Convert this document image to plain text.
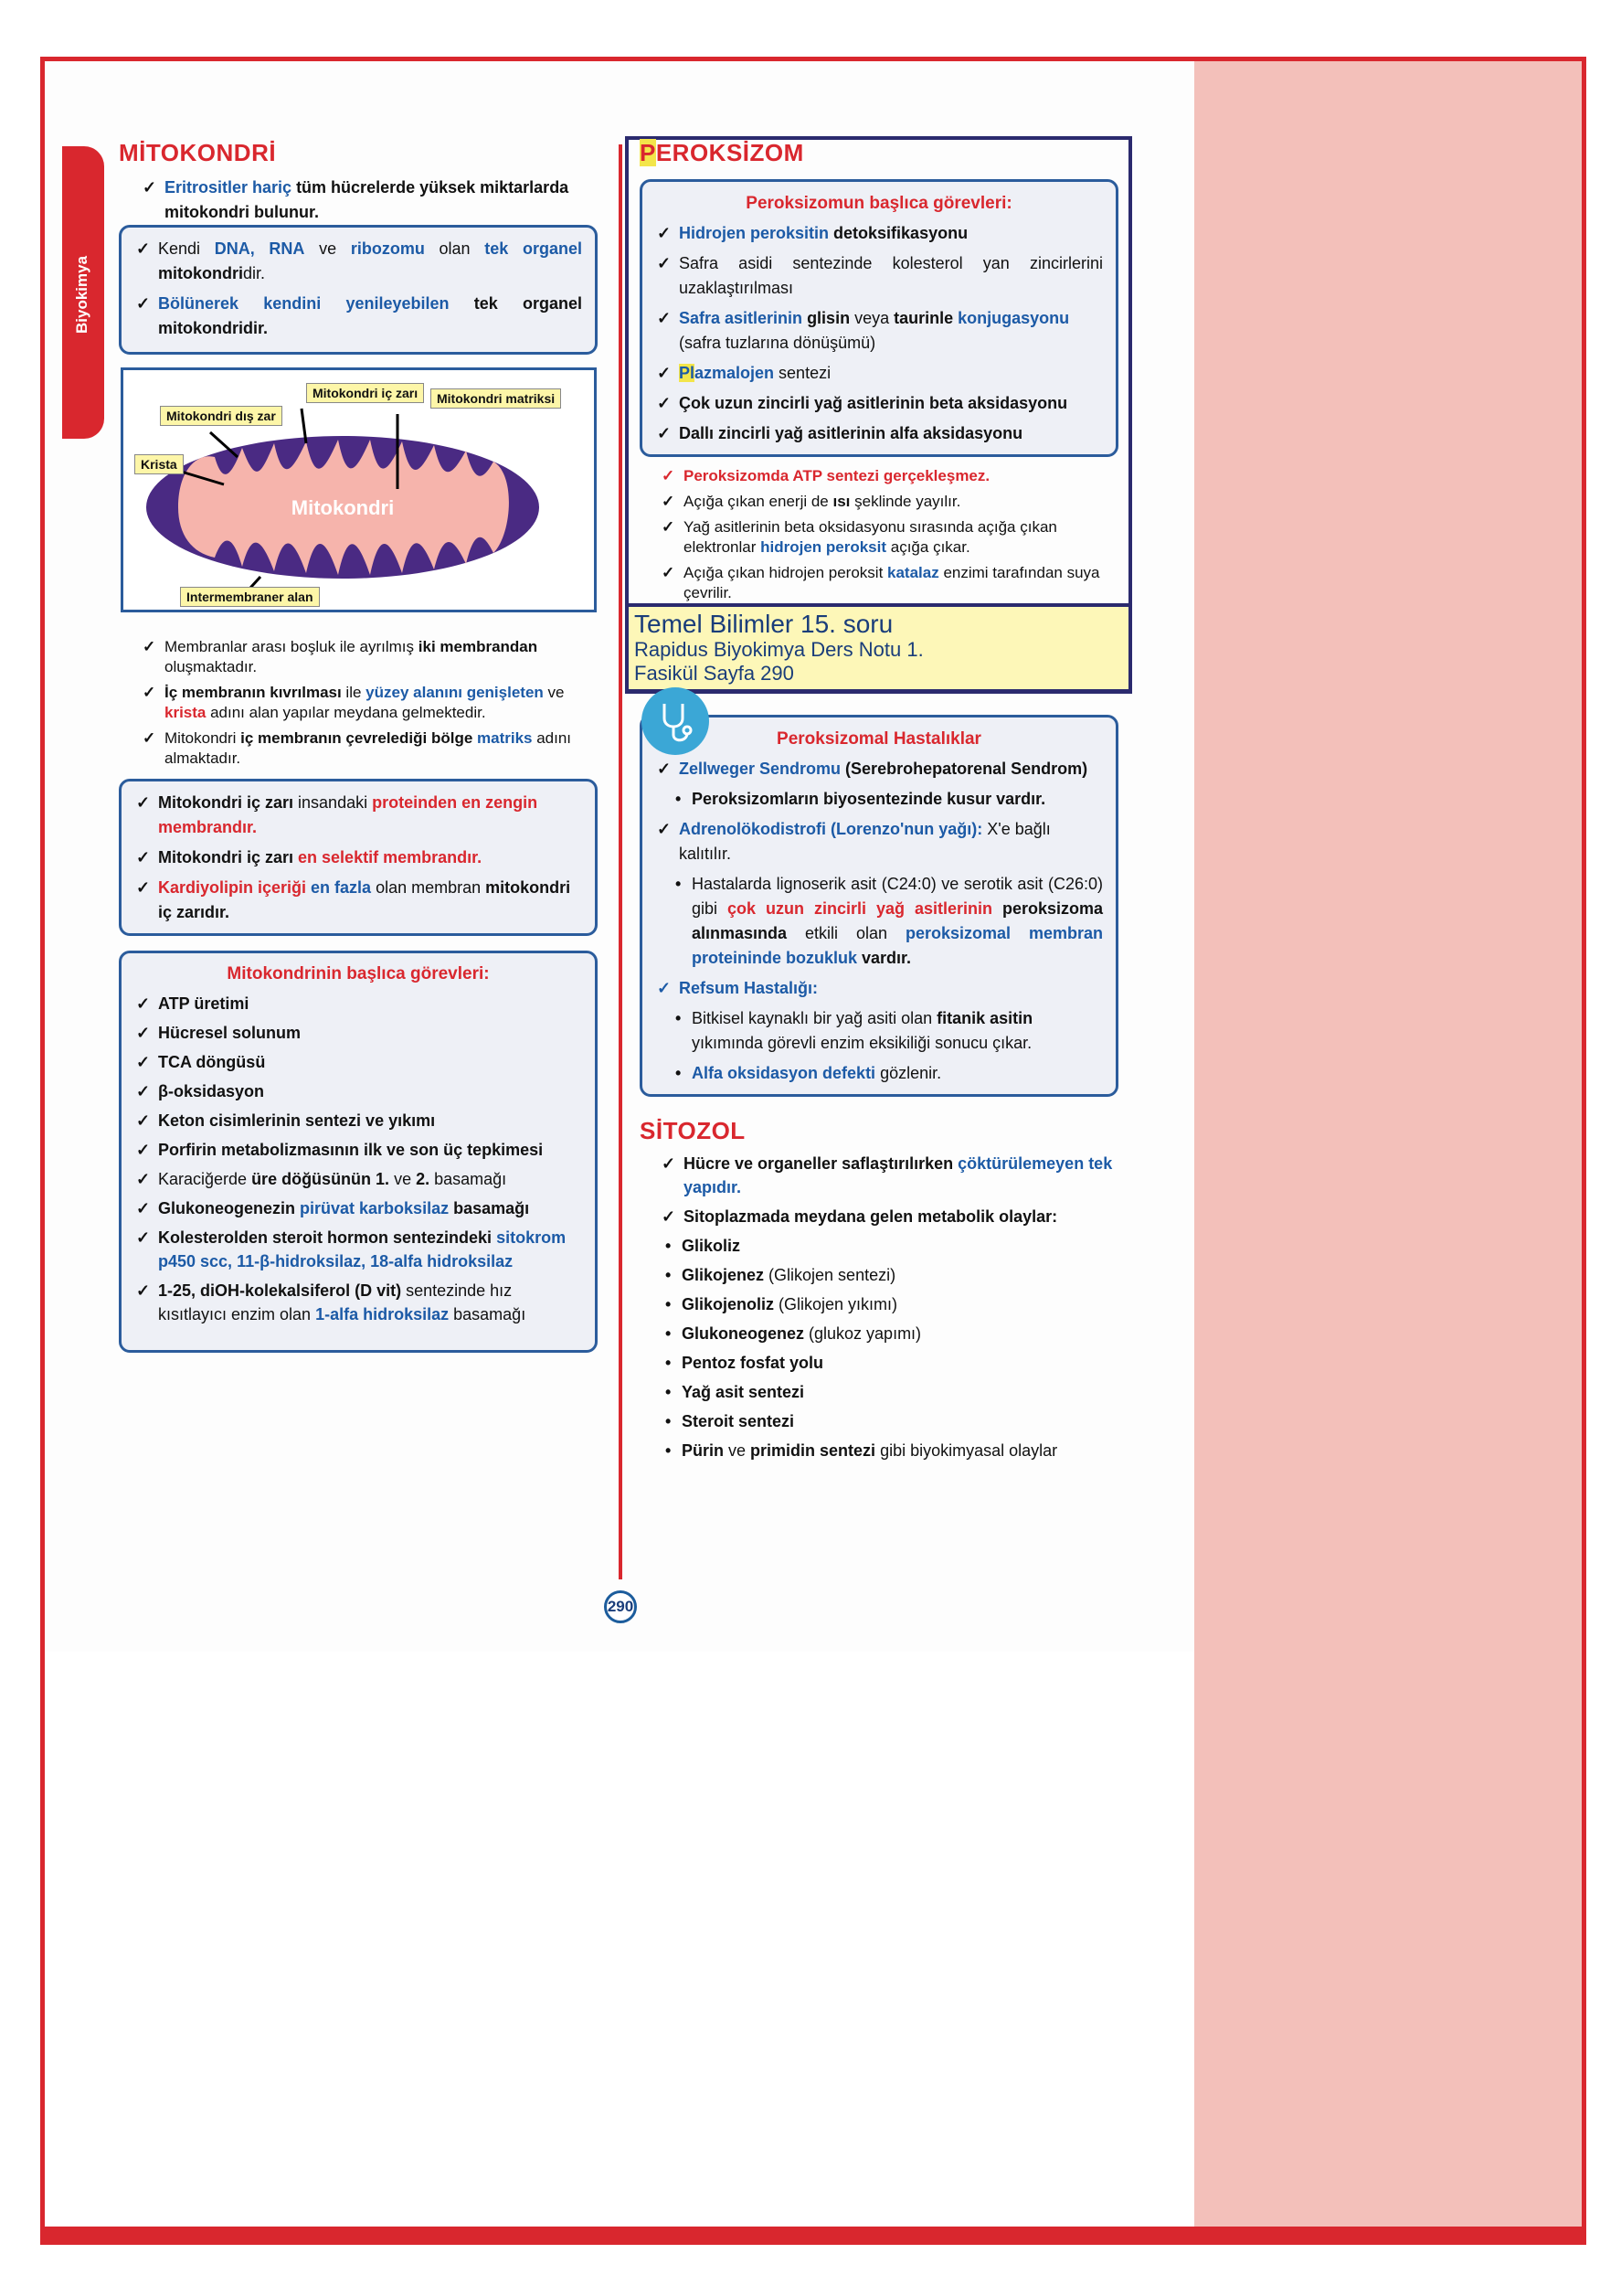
Biyokimya
290
MİTOKONDRİ
✓ Eritrositler hariç tüm hücrelerde yüksek miktarlarda mitokondri bulunur.
✓ Kendi DNA, RNA ve ribozomu olan tek organel mitokondridir.
✓ Bölünerek kendini yenileyebilen tek organel mitokondridir.
Mitokondri
Mitokondri dış zar
Mitokondri iç zarı	Mitokondri matriksi
Krista
Intermembraner alan
✓ Membranlar arası boşluk ile ayrılmış iki membrandan oluşmaktadır.
✓ İç membranın kıvrılması ile yüzey alanını genişleten ve krista adını alan yapılar meydana gelmektedir.
✓ Mitokondri iç membranın çevrelediği bölge matriks adını almaktadır.
✓ Mitokondri iç zarı insandaki proteinden en zengin membrandır.
✓ Mitokondri iç zarı en selektif membrandır.
✓ Kardiyolipin içeriği en fazla olan membran mitokondri iç zarıdır.
Mitokondrinin başlıca görevleri:
✓ ATP üretimi
✓ Hücresel solunum
✓ TCA döngüsü
✓ β-oksidasyon
✓ Keton cisimlerinin sentezi ve yıkımı
✓ Porfirin metabolizmasının ilk ve son üç tepkimesi
✓ Karaciğerde üre döğüsünün 1. ve 2. basamağı
✓ Glukoneogenezin pirüvat karboksilaz basamağı
✓ Kolesterolden steroit hormon sentezindeki sitokrom p450 scc, 11-β-hidroksilaz, 18-alfa hidroksilaz
✓ 1-25, diOH-kolekalsiferol (D vit) sentezinde hız kısıtlayıcı enzim olan 1-alfa hidroksilaz basamağı
PEROKSİZOM
Peroksizomun başlıca görevleri:
✓ Hidrojen peroksitin detoksifikasyonu
✓ Safra asidi sentezinde kolesterol yan zincirlerini uzaklaştırılması
✓ Safra asitlerinin glisin veya taurinle konjugasyonu
(safra tuzlarına dönüşümü)
✓ Plazmalojen sentezi
✓ Çok uzun zincirli yağ asitlerinin beta aksidasyonu
✓ Dallı zincirli yağ asitlerinin alfa aksidasyonu
✓ Peroksizomda ATP sentezi gerçekleşmez.
✓ Açığa çıkan enerji de ısı şeklinde yayılır.
✓ Yağ asitlerinin beta oksidasyonu sırasında açığa çıkan elektronlar hidrojen peroksit açığa çıkar.
✓ Açığa çıkan hidrojen peroksit katalaz enzimi tarafından suya çevrilir.
Temel Bilimler 15. soru
Rapidus Biyokimya Ders Notu 1.
Fasikül Sayfa 290
Peroksizomal Hastalıklar
✓ Zellweger Sendromu (Serebrohepatorenal Sendrom)
• Peroksizomların biyosentezinde kusur vardır.
✓ Adrenolökodistrofi (Lorenzo'nun yağı): X'e bağlı kalıtılır.
• Hastalarda lignoserik asit (C24:0) ve serotik asit (C26:0) gibi çok uzun zincirli yağ asitlerinin peroksizoma alınmasında etkili olan peroksizomal membran proteininde bozukluk vardır.
✓ Refsum Hastalığı:
• Bitkisel kaynaklı bir yağ asiti olan fitanik asitin yıkımında görevli enzim eksikiliği sonucu çıkar.
• Alfa oksidasyon defekti gözlenir.
SİTOZOL
✓ Hücre ve organeller saflaştırılırken çöktürülemeyen tek yapıdır.
✓ Sitoplazmada meydana gelen metabolik olaylar:
• Glikoliz
• Glikojenez (Glikojen sentezi)
• Glikojenoliz (Glikojen yıkımı)
• Glukoneogenez (glukoz yapımı)
• Pentoz fosfat yolu
• Yağ asit sentezi
• Steroit sentezi
• Pürin ve primidin sentezi gibi biyokimyasal olaylar
